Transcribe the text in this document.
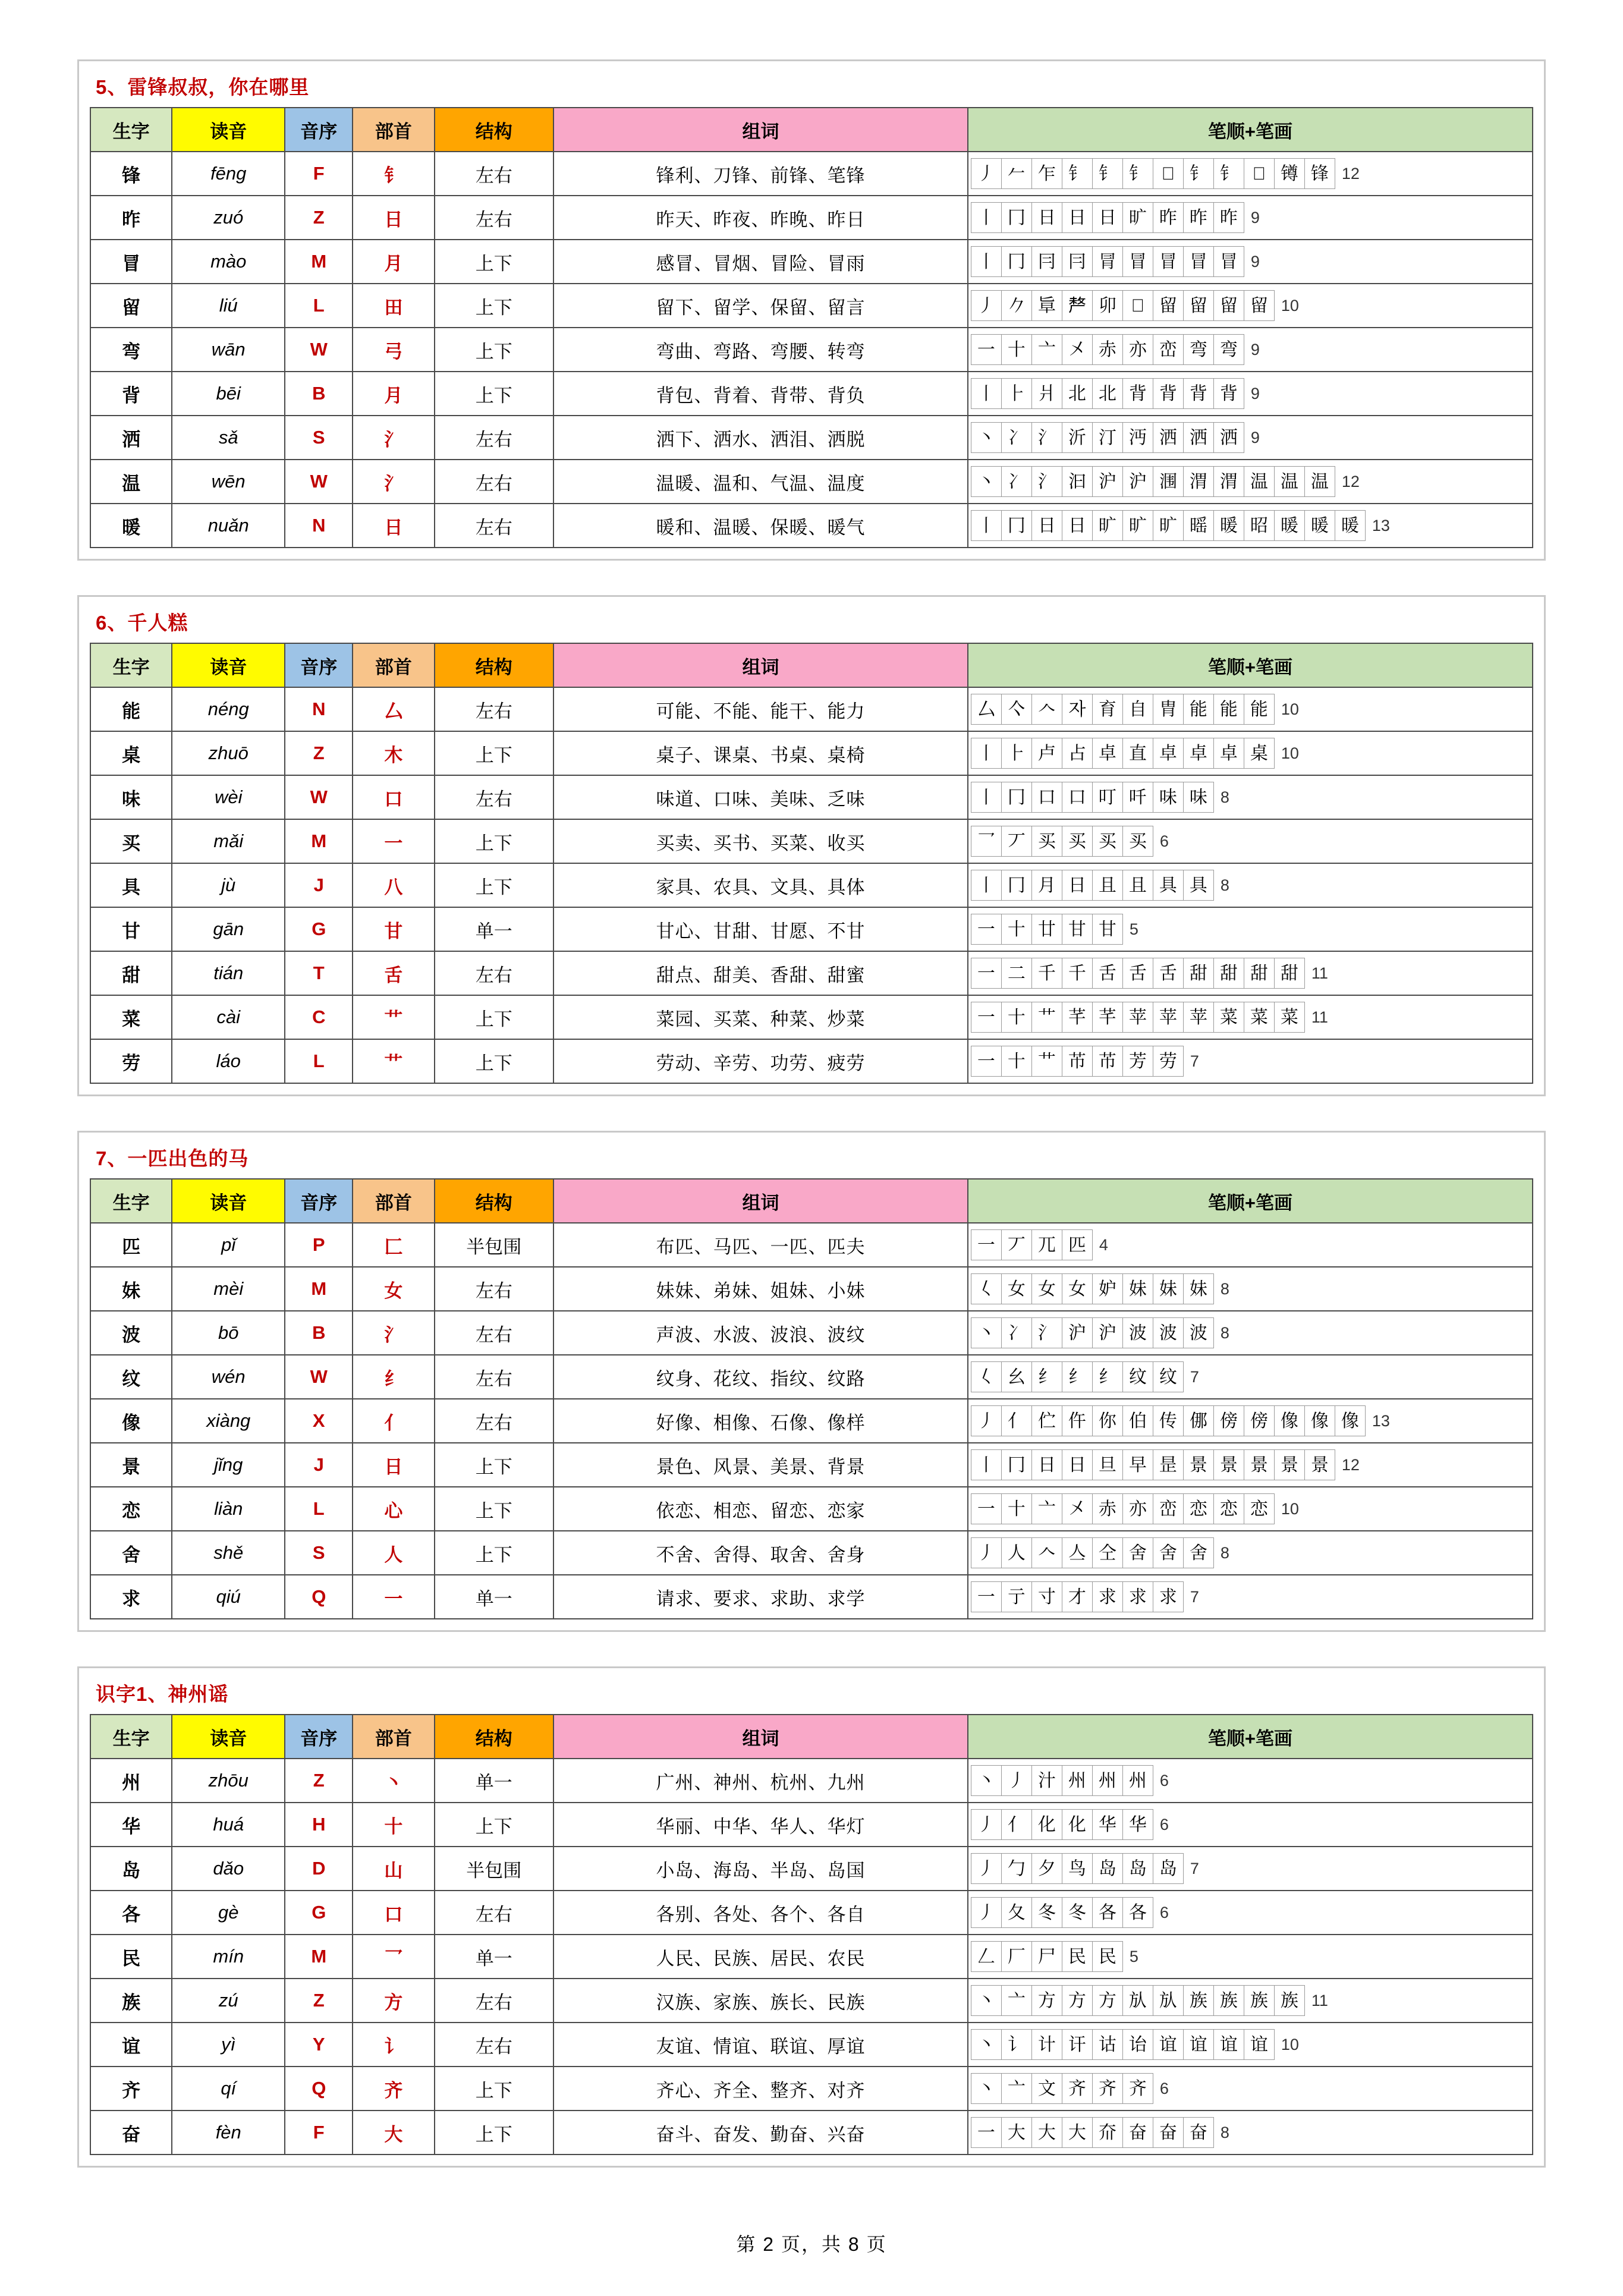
5、雷锋叔叔，你在哪里
生字	读音	音序	部首	结构	组词	笔顺+笔画
锋	fēng	F	钅	左右	锋利、刀锋、前锋、笔锋	丿 𠂉 乍 钅 钅 钅 𨱂 钅 钅 𨱒 𨱔 锋 12

昨	zuó	Z	日	左右	昨天、昨夜、昨晚、昨日	丨 冂 日 日 日 旷 昨 昨 昨 9

冒	mào	M	月	上下	感冒、冒烟、冒险、冒雨	丨 冂 冃 冃 冐 冒 冒 冒 冒 9

留	liú	L	田	上下	留下、留学、保留、留言	丿 𠂊 㔬 𠩺 卯 𨛜 留 留 留 留 10

弯	wān	W	弓	上下	弯曲、弯路、弯腰、转弯	一 十 亠 㐅 赤 亦 峦 弯 弯 9

背	bēi	B	月	上下	背包、背着、背带、背负	丨 ⺊ 爿 北 北 背 背 背 背 9

洒	sǎ	S	氵	左右	洒下、洒水、洒泪、洒脱	丶 冫 氵 沂 汀 沔 洒 洒 洒 9

温	wēn	W	氵	左右	温暖、温和、气温、温度	丶 冫 氵 汩 沪 沪 涠 渭 渭 温 温 温 12

暖	nuǎn	N	日	左右	暖和、温暖、保暖、暖气	丨 冂 日 日 旷 旷 旷 暚 暖 昭 暖 暖 暖 13
6、千人糕
生字	读音	音序	部首	结构	组词	笔顺+笔画
能	néng	N	厶	左右	可能、不能、能干、能力	厶 亽 𠆢 자 育 自 胄 能 能 能 10

桌	zhuō	Z	木	上下	桌子、课桌、书桌、桌椅	丨 ⺊ 卢 占 卓 直 卓 卓 卓 桌 10

味	wèi	W	口	左右	味道、口味、美味、乏味	丨 冂 口 口 叮 吀 味 味 8

买	mǎi	M	一	上下	买卖、买书、买菜、收买	乛 丆 买 买 买 买 6

具	jù	J	八	上下	家具、农具、文具、具体	丨 冂 月 日 且 且 具 具 8

甘	gān	G	甘	单一	甘心、甘甜、甘愿、不甘	一 十 廿 甘 甘 5

甜	tián	T	舌	左右	甜点、甜美、香甜、甜蜜	一 二 千 千 舌 舌 舌 甜 甜 甜 甜 11

菜	cài	C	艹	上下	菜园、买菜、种菜、炒菜	一 十 艹 芊 芊 苹 苹 苹 菜 菜 菜 11

劳	láo	L	艹	上下	劳动、辛劳、功劳、疲劳	一 十 艹 芇 芇 芳 劳 7
7、一匹出色的马
生字	读音	音序	部首	结构	组词	笔顺+笔画
匹	pǐ	P	匚	半包围	布匹、马匹、一匹、匹夫	一 丆 兀 匹 4

妹	mèi	M	女	左右	妹妹、弟妹、姐妹、小妹	𡿨 女 女 女 妒 妹 妹 妹 8

波	bō	B	氵	左右	声波、水波、波浪、波纹	丶 冫 氵 沪 沪 波 波 波 8

纹	wén	W	纟	左右	纹身、花纹、指纹、纹路	𡿨 幺 纟 纟 纟 纹 纹 7

像	xiàng	X	亻	左右	好像、相像、石像、像样	丿 亻 伫 仵 你 伯 传 㑚 傍 傍 像 像 像 13

景	jǐng	J	日	上下	景色、风景、美景、背景	丨 冂 日 日 旦 早 昰 景 景 景 景 景 12

恋	liàn	L	心	上下	依恋、相恋、留恋、恋家	一 十 亠 㐅 赤 亦 峦 恋 恋 恋 10

舍	shě	S	人	上下	不舍、舍得、取舍、舍身	丿 人 𠆢 亼 仝 舍 舍 舍 8

求	qiú	Q	一	单一	请求、要求、求助、求学	一 亍 寸 才 求 求 求 7
识字1、神州谣
生字	读音	音序	部首	结构	组词	笔顺+笔画
州	zhōu	Z	丶	单一	广州、神州、杭州、九州	丶 丿 汁 州 州 州 6

华	huá	H	十	上下	华丽、中华、华人、华灯	丿 亻 化 化 华 华 6

岛	dǎo	D	山	半包围	小岛、海岛、半岛、岛国	丿 勹 夕 鸟 岛 岛 岛 7

各	gè	G	口	左右	各别、各处、各个、各自	丿 夂 冬 冬 各 各 6

民	mín	M	乛	单一	人民、民族、居民、农民	𠃋 厂 尸 民 民 5

族	zú	Z	方	左右	汉族、家族、族长、民族	丶 亠 方 方 方 㫃 㫃 族 族 族 族 11

谊	yì	Y	讠	左右	友谊、情谊、联谊、厚谊	丶 讠 计 讦 诂 诒 谊 谊 谊 谊 10

齐	qí	Q	齐	上下	齐心、齐全、整齐、对齐	丶 亠 文 齐 齐 齐 6

奋	fèn	F	大	上下	奋斗、奋发、勤奋、兴奋	一 大 大 大 夼 奋 奋 奋 8
第 2 页，共 8 页
